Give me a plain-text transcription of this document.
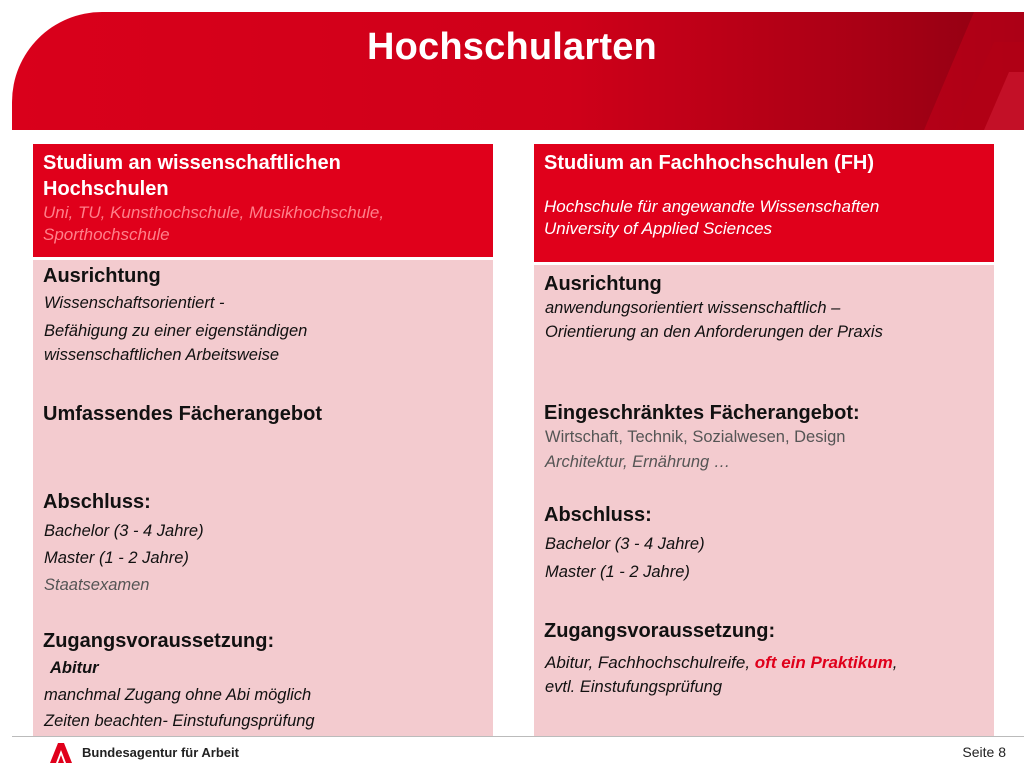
Hochschularten
Studium an wissenschaftlichen
Hochschulen
Uni, TU, Kunsthochschule, Musikhochschule,
Sporthochschule
Ausrichtung
Wissenschaftsorientiert -
Befähigung zu einer eigenständigen
wissenschaftlichen Arbeitsweise
Umfassendes Fächerangebot
Abschluss:
Bachelor (3 - 4 Jahre)
Master (1 - 2 Jahre)
Staatsexamen
Zugangsvoraussetzung:
Abitur
manchmal Zugang ohne Abi möglich
Zeiten beachten- Einstufungsprüfung
Studium an Fachhochschulen (FH)
Hochschule für angewandte Wissenschaften
University of Applied Sciences
Ausrichtung
anwendungsorientiert wissenschaftlich –
Orientierung an den Anforderungen der Praxis
Eingeschränktes Fächerangebot:
Wirtschaft, Technik, Sozialwesen, Design
Architektur, Ernährung …
Abschluss:
Bachelor (3 - 4 Jahre)
Master (1 - 2 Jahre)
Zugangsvoraussetzung:
Abitur, Fachhochschulreife, oft ein Praktikum,
evtl. Einstufungsprüfung
Bundesagentur für Arbeit	Seite 8
